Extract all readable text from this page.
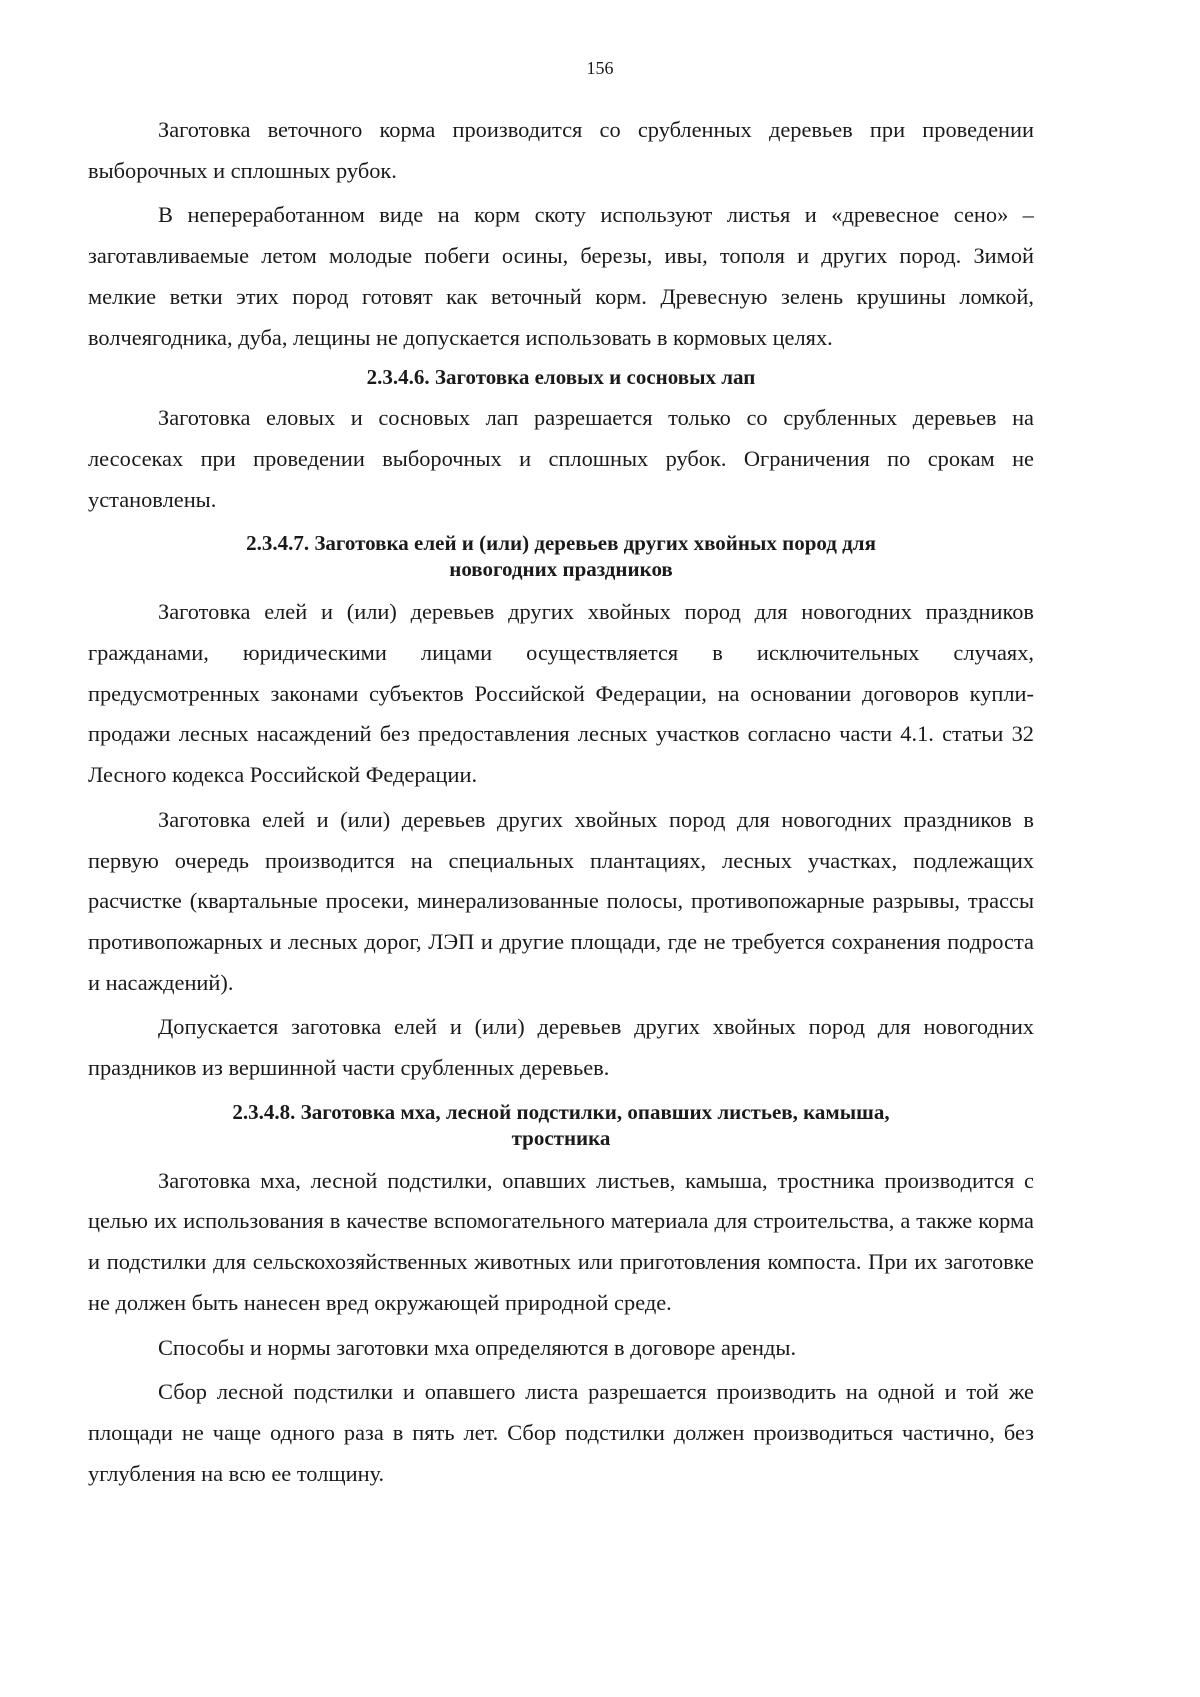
156

Заготовка веточного корма производится со срубленных деревьев при проведении выборочных и сплошных рубок.

В непереработанном виде на корм скоту используют листья и «древесное сено» – заготавливаемые летом молодые побеги осины, березы, ивы, тополя и других пород. Зимой мелкие ветки этих пород готовят как веточный корм. Древесную зелень крушины ломкой, волчеягодника, дуба, лещины не допускается использовать в кормовых целях.

2.3.4.6. Заготовка еловых и сосновых лап

Заготовка еловых и сосновых лап разрешается только со срубленных деревьев на лесосеках при проведении выборочных и сплошных рубок. Ограничения по срокам не установлены.

2.3.4.7. Заготовка елей и (или) деревьев других хвойных пород для
новогодних праздников

Заготовка елей и (или) деревьев других хвойных пород для новогодних праздников гражданами, юридическими лицами осуществляется в исключительных случаях, предусмотренных законами субъектов Российской Федерации, на основании договоров купли-продажи лесных насаждений без предоставления лесных участков согласно части 4.1. статьи 32 Лесного кодекса Российской Федерации.

Заготовка елей и (или) деревьев других хвойных пород для новогодних праздников в первую очередь производится на специальных плантациях, лесных участках, подлежащих расчистке (квартальные просеки, минерализованные полосы, противопожарные разрывы, трассы противопожарных и лесных дорог, ЛЭП и другие площади, где не требуется сохранения подроста и насаждений).

Допускается заготовка елей и (или) деревьев других хвойных пород для новогодних праздников из вершинной части срубленных деревьев.

2.3.4.8. Заготовка мха, лесной подстилки, опавших листьев, камыша,
тростника

Заготовка мха, лесной подстилки, опавших листьев, камыша, тростника производится с целью их использования в качестве вспомогательного материала для строительства, а также корма и подстилки для сельскохозяйственных животных или приготовления компоста. При их заготовке не должен быть нанесен вред окружающей природной среде.

Способы и нормы заготовки мха определяются в договоре аренды.

Сбор лесной подстилки и опавшего листа разрешается производить на одной и той же площади не чаще одного раза в пять лет. Сбор подстилки должен производиться частично, без углубления на всю ее толщину.
